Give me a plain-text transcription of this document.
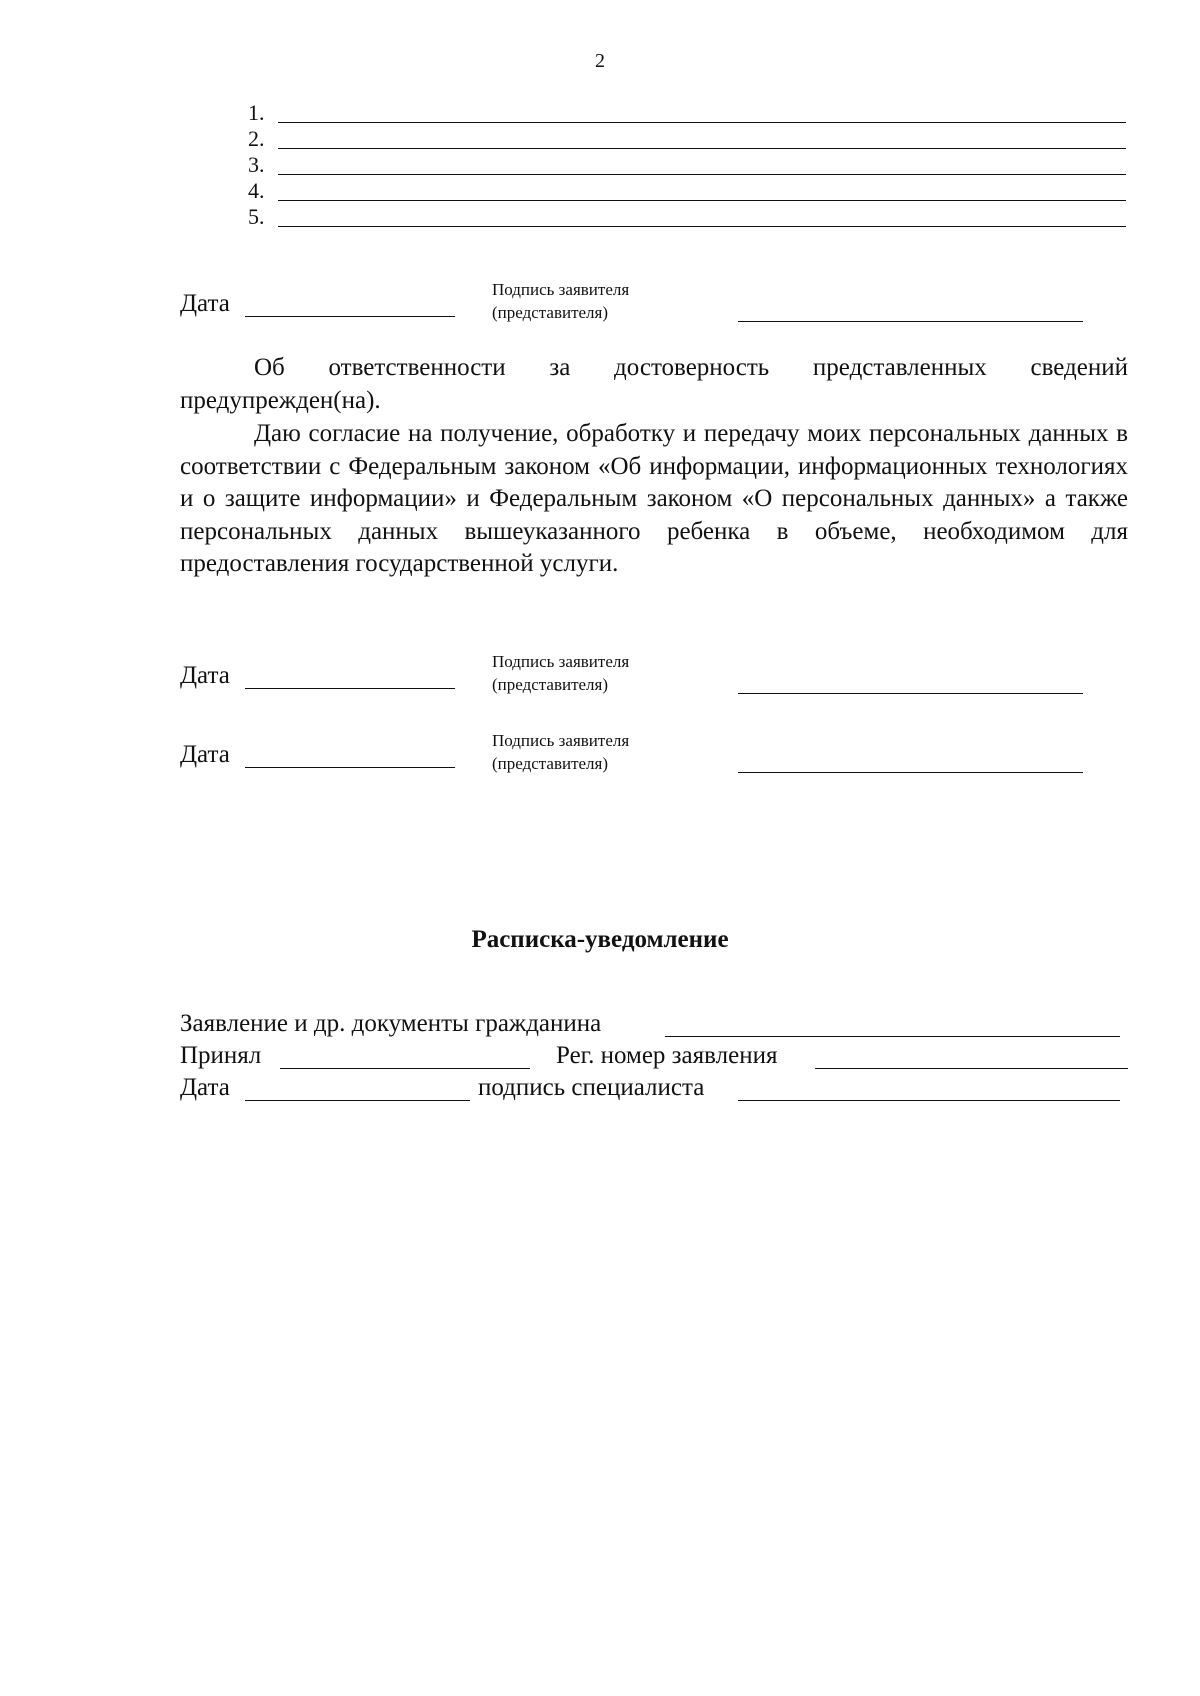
2
1.
2.
3.
4.
5.
Дата
Подпись заявителя
(представителя)
Об ответственности за достоверность представленных сведений предупрежден(на).
Даю согласие на получение, обработку и передачу моих персональных данных в соответствии с Федеральным законом «Об информации, информационных технологиях и о защите информации» и Федеральным законом «О персональных данных» а также персональных данных вышеуказанного ребенка в объеме, необходимом для предоставления государственной услуги.
Дата
Подпись заявителя
(представителя)
Дата
Подпись заявителя
(представителя)
Расписка-уведомление
Заявление и др. документы гражданина
Принял	Рег. номер заявления
Дата	подпись специалиста
